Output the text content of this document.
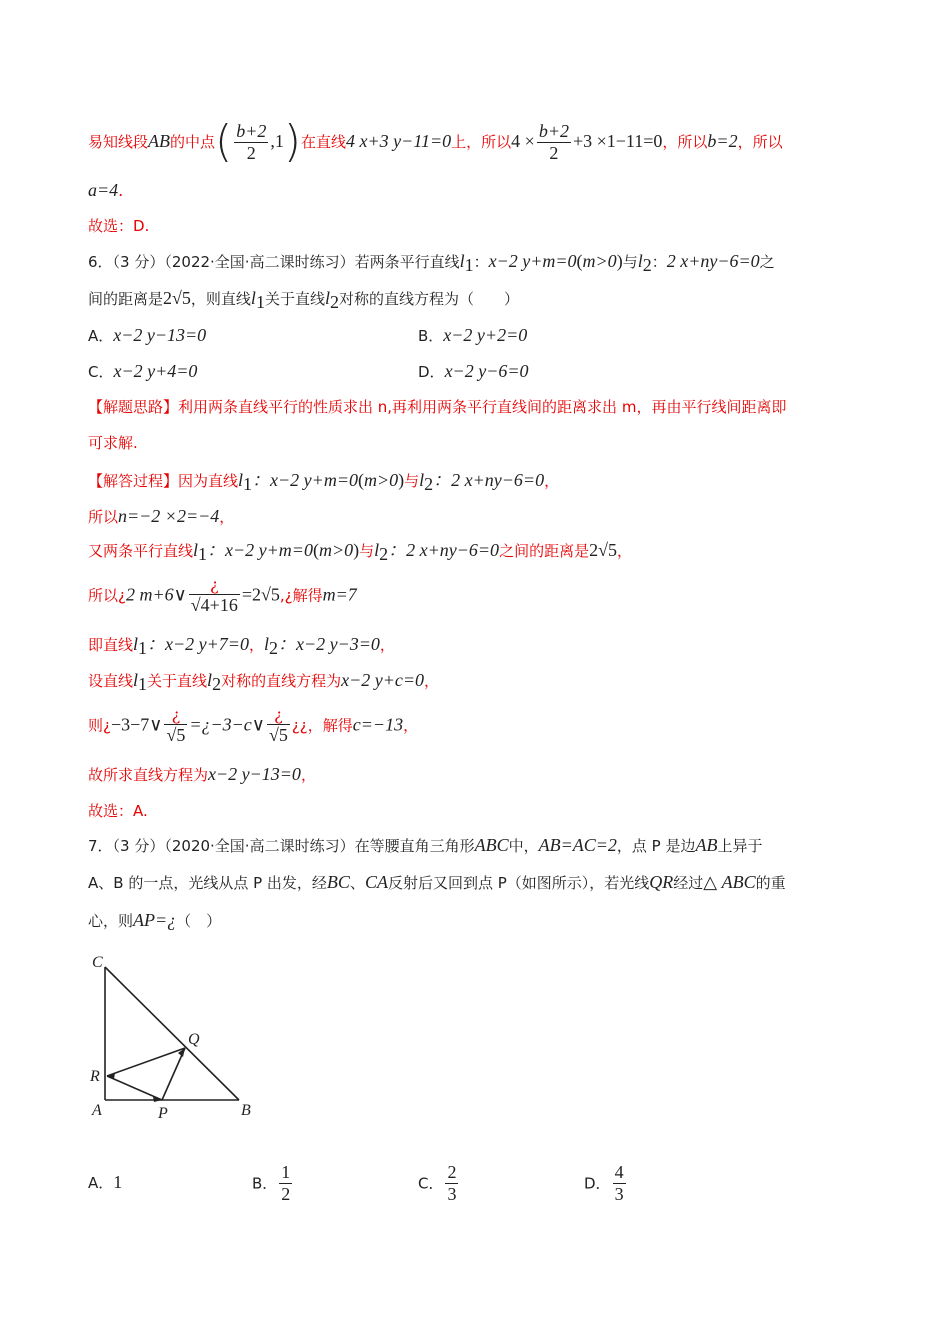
易知线段AB的中点( $\frac{b+2}{2} ,1$)在直线4 x+3 y−11=0上，所以$4 \times \frac{b+2}{2} +3 \times 1-11=0$，所以b=2，所以
a=4.
故选：D.
6．（3 分）（2022·全国·高二课时练习）若两条平行直线$l_1$：x−2 y+m=0(m>0)与$l_2$：2 x+ny−6=0之
间的距离是2√5，则直线$l_1$关于直线$l_2$对称的直线方程为（　　）
A．x−2 y−13=0	B．x−2 y+2=0
C．x−2 y+4=0	D．x−2 y−6=0
【解题思路】利用两条直线平行的性质求出 n,再利用两条平行直线间的距离求出 m，再由平行线间距离即
可求解.
【解答过程】因为直线$l_1$：x−2 y+m=0(m>0)与$l_2$：2 x+ny−6=0，
所以n=−2 ×2=−4，
又两条平行直线$l_1$：x−2 y+m=0(m>0)与$l_2$：2 x+ny−6=0之间的距离是2√5，
所以¿2 m+6∨ $\frac{¿}{√4+16}$ =2√5,¿解得m=7
即直线$l_1$：x−2 y+7=0，$l_2$：x−2 y−3=0，
设直线$l_1$关于直线$l_2$对称的直线方程为x−2 y+c=0，
则¿−3−7∨ $\frac{¿}{√5}$ =¿−3−c∨ $\frac{¿}{√5}$ ¿¿，解得c=−13，
故所求直线方程为x−2 y−13=0，
故选：A.
7．（3 分）（2020·全国·高二课时练习）在等腰直角三角形ABC中，AB=AC=2，点 P 是边AB上异于
A、B 的一点，光线从点 P 出发，经BC、CA反射后又回到点 P（如图所示），若光线QR经过△ ABC的重
心，则AP=¿（　）
C
Q
R
A	P	B
A．1	B． $\frac{1}{2}$	C． $\frac{2}{3}$	D． $\frac{4}{3}$
